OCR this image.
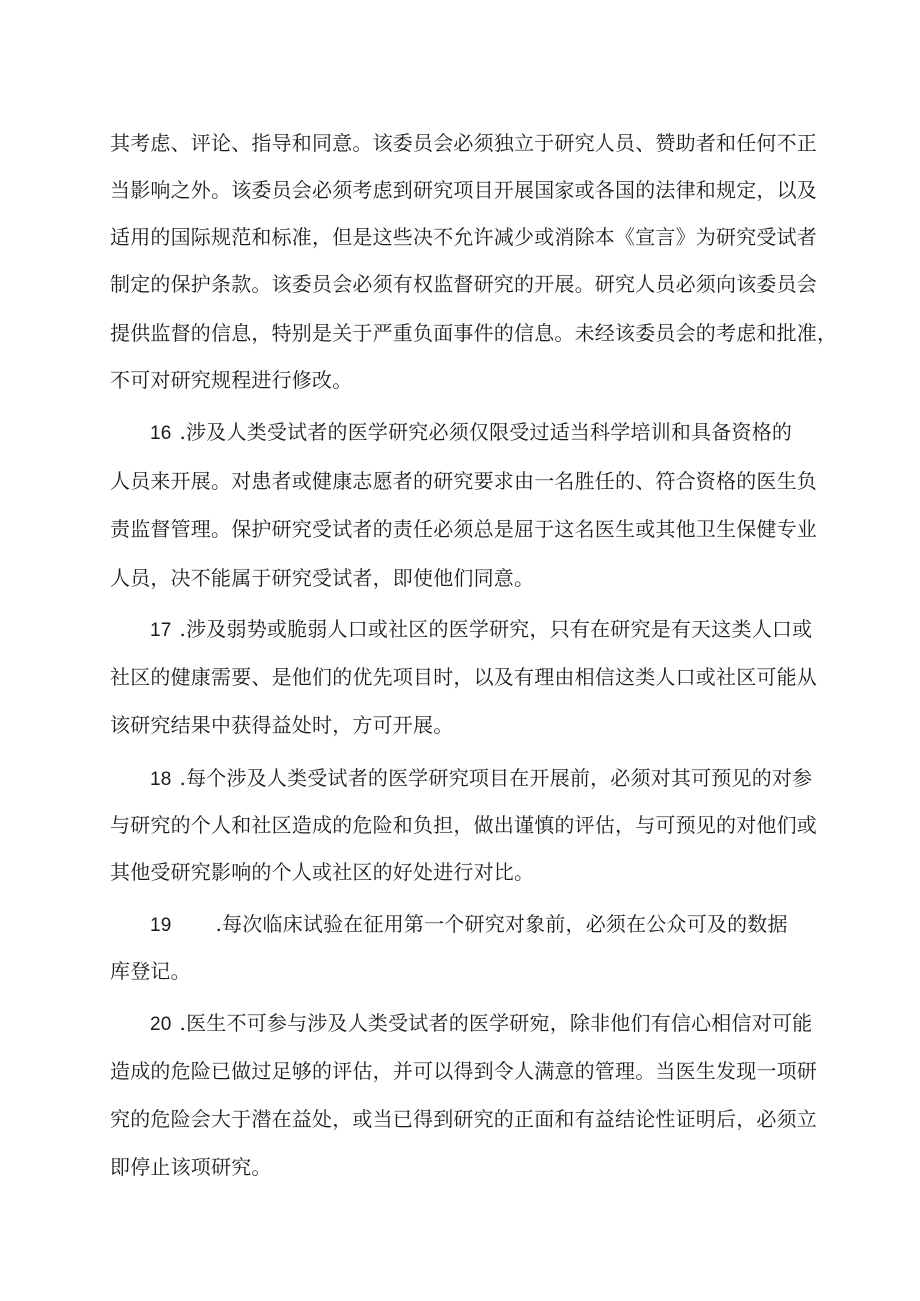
其考虑、评论、指导和同意。该委员会必须独立于研究人员、赞助者和任何不正

当影响之外。该委员会必须考虑到研究项目开展国家或各国的法律和规定，以及

适用的国际规范和标准，但是这些决不允许减少或消除本《宣言》为研究受试者

制定的保护条款。该委员会必须有权监督研究的开展。研究人员必须向该委员会

提供监督的信息，特别是关于严重负面事件的信息。未经该委员会的考虑和批准，

不可对研究规程进行修改。

16 .涉及人类受试者的医学研究必须仅限受过适当科学培训和具备资格的

人员来开展。对患者或健康志愿者的研究要求由一名胜任的、符合资格的医生负

责监督管理。保护研究受试者的责任必须总是屈于这名医生或其他卫生保健专业

人员，决不能属于研究受试者，即使他们同意。

17 .涉及弱势或脆弱人口或社区的医学研究，只有在研究是有天这类人口或

社区的健康需要、是他们的优先项目时，以及有理由相信这类人口或社区可能从

该研究结果中获得益处时，方可开展。

18 .每个涉及人类受试者的医学研究项目在开展前，必须对其可预见的对参

与研究的个人和社区造成的危险和负担，做出谨慎的评估，与可预见的对他们或

其他受研究影响的个人或社区的好处进行对比。

19 .每次临床试验在征用第一个研究对象前，必须在公众可及的数据

库登记。

20 .医生不可参与涉及人类受试者的医学研宛，除非他们有信心相信对可能

造成的危险已做过足够的评估，并可以得到令人满意的管理。当医生发现一项研

究的危险会大于潜在益处，或当已得到研究的正面和有益结论性证明后，必须立

即停止该项研究。
